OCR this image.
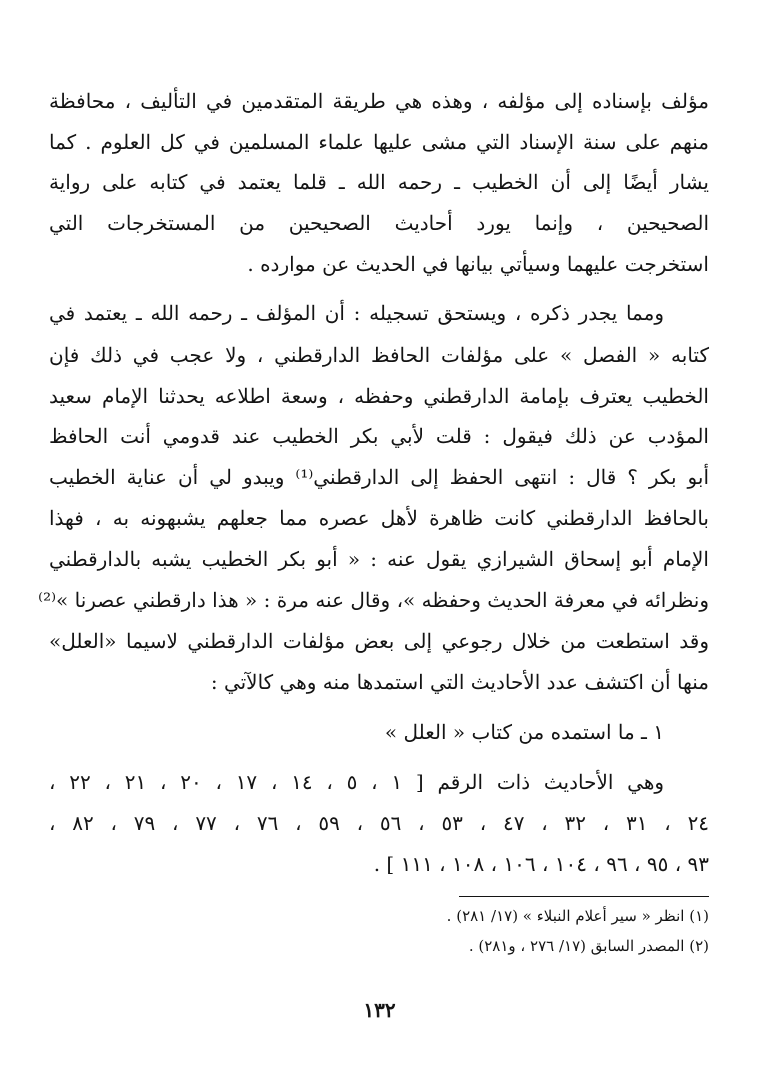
مؤلف بإسناده إلى مؤلفه ، وهذه هي طريقة المتقدمين في التأليف ، محافظة
منهم على سنة الإسناد التي مشى عليها علماء المسلمين في كل العلوم . كما
يشار أيضًا إلى أن الخطيب ـ رحمه الله ـ قلما يعتمد في كتابه على رواية
الصحيحين ، وإنما يورد أحاديث الصحيحين من المستخرجات التي
استخرجت عليهما وسيأتي بيانها في الحديث عن موارده .
ومما يجدر ذكره ، ويستحق تسجيله : أن المؤلف ـ رحمه الله ـ يعتمد في
كتابه « الفصل » على مؤلفات الحافظ الدارقطني ، ولا عجب في ذلك فإن
الخطيب يعترف بإمامة الدارقطني وحفظه ، وسعة اطلاعه يحدثنا الإمام سعيد
المؤدب عن ذلك فيقول : قلت لأبي بكر الخطيب عند قدومي أنت الحافظ
أبو بكر ؟ قال : انتهى الحفظ إلى الدارقطني⁽¹⁾ ويبدو لي أن عناية الخطيب
بالحافظ الدارقطني كانت ظاهرة لأهل عصره مما جعلهم يشبهونه به ، فهذا
الإمام أبو إسحاق الشيرازي يقول عنه : « أبو بكر الخطيب يشبه بالدارقطني
ونظرائه في معرفة الحديث وحفظه »، وقال عنه مرة : « هذا دارقطني عصرنا »⁽²⁾
وقد استطعت من خلال رجوعي إلى بعض مؤلفات الدارقطني لاسيما «العلل»
منها أن اكتشف عدد الأحاديث التي استمدها منه وهي كالآتي :
١ ـ ما استمده من كتاب « العلل »
وهي الأحاديث ذات الرقم [ ١ ، ٥ ، ١٤ ، ١٧ ، ٢٠ ، ٢١ ، ٢٢ ،
٢٤ ، ٣١ ، ٣٢ ، ٤٧ ، ٥٣ ، ٥٦ ، ٥٩ ، ٧٦ ، ٧٧ ، ٧٩ ، ٨٢ ،
٩٣ ، ٩٥ ، ٩٦ ، ١٠٤ ، ١٠٦ ، ١٠٨ ، ١١١ ] .
(١) انظر « سير أعلام النبلاء » (١٧/ ٢٨١) .
(٢) المصدر السابق (١٧/ ٢٧٦ ، و٢٨١) .
١٣٢
